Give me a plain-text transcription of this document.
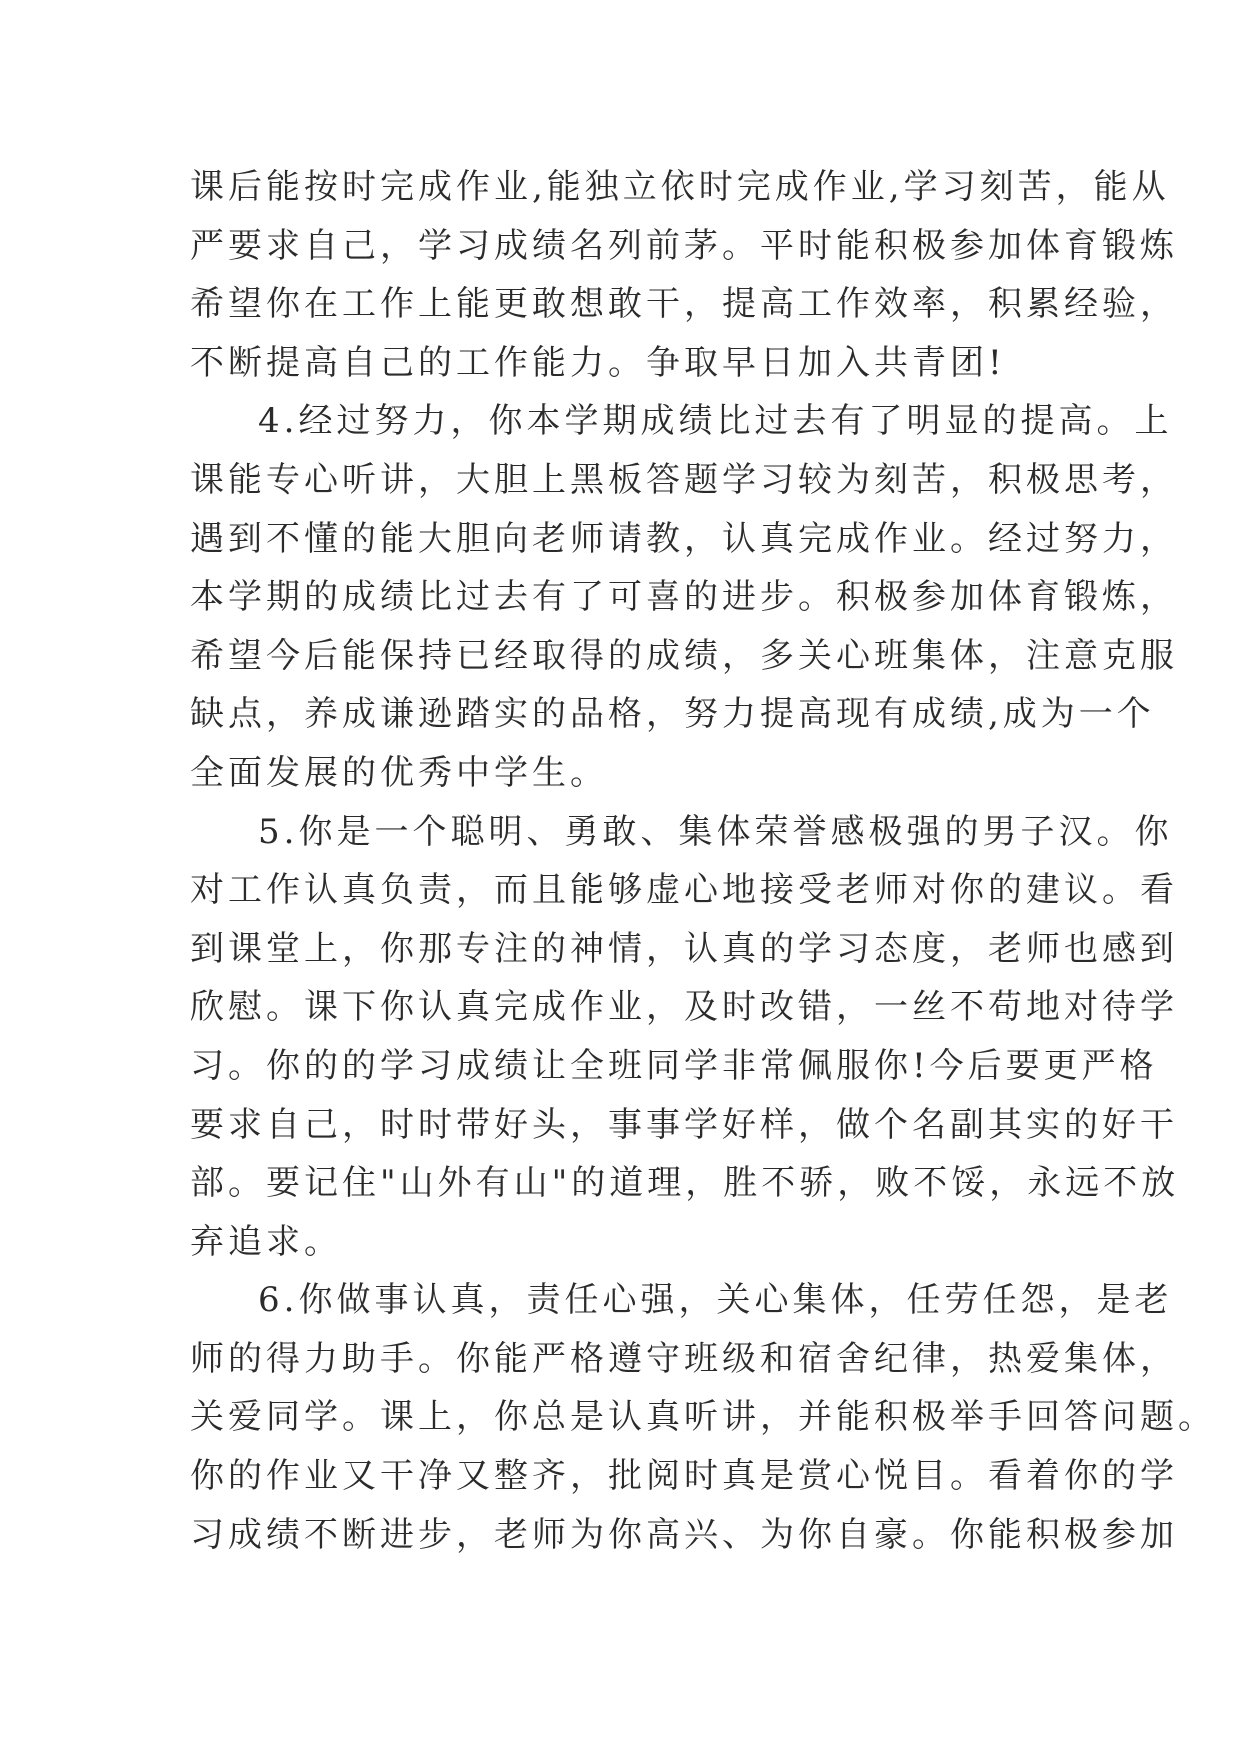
课后能按时完成作业,能独立依时完成作业,学习刻苦，能从
严要求自己，学习成绩名列前茅。平时能积极参加体育锻炼
希望你在工作上能更敢想敢干，提高工作效率，积累经验，
不断提高自己的工作能力。争取早日加入共青团!
4.经过努力，你本学期成绩比过去有了明显的提高。上
课能专心听讲，大胆上黑板答题学习较为刻苦，积极思考，
遇到不懂的能大胆向老师请教，认真完成作业。经过努力，
本学期的成绩比过去有了可喜的进步。积极参加体育锻炼，
希望今后能保持已经取得的成绩，多关心班集体，注意克服
缺点，养成谦逊踏实的品格，努力提高现有成绩,成为一个
全面发展的优秀中学生。
5.你是一个聪明、勇敢、集体荣誉感极强的男子汉。你
对工作认真负责，而且能够虚心地接受老师对你的建议。看
到课堂上，你那专注的神情，认真的学习态度，老师也感到
欣慰。课下你认真完成作业，及时改错，一丝不苟地对待学
习。你的的学习成绩让全班同学非常佩服你!今后要更严格
要求自己，时时带好头，事事学好样，做个名副其实的好干
部。要记住"山外有山"的道理，胜不骄，败不馁，永远不放
弃追求。
6.你做事认真，责任心强，关心集体，任劳任怨，是老
师的得力助手。你能严格遵守班级和宿舍纪律，热爱集体，
关爱同学。课上，你总是认真听讲，并能积极举手回答问题。
你的作业又干净又整齐，批阅时真是赏心悦目。看着你的学
习成绩不断进步，老师为你高兴、为你自豪。你能积极参加
